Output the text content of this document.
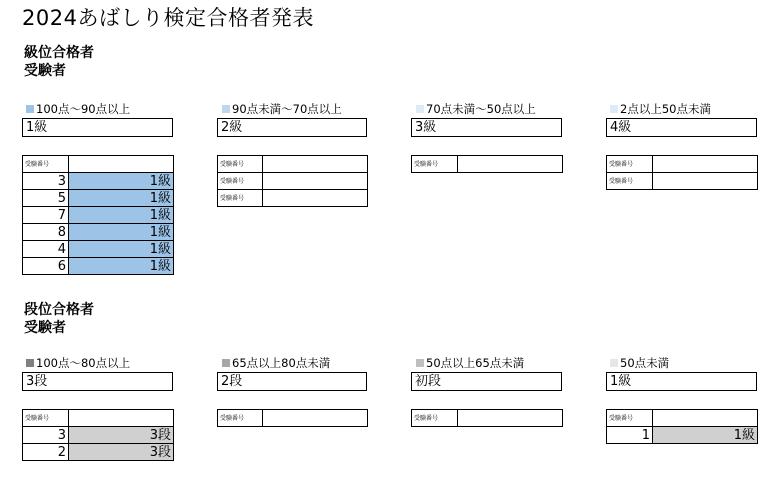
2024あばしり検定合格者発表
級位合格者
受験者
100点～90点以上
1級
受験番号	
3	1級
5	1級
7	1級
8	1級
4	1級
6	1級
90点未満～70点以上
2級
受験番号	
受験番号	
受験番号	
70点未満～50点以上
3級
受験番号	
2点以上50点未満
4級
受験番号	
受験番号	
段位合格者
受験者
100点～80点以上
3段
受験番号	
3	3段
2	3段
65点以上80点未満
2段
受験番号	
50点以上65点未満
初段
受験番号	
50点未満
1級
受験番号	
1	1級
